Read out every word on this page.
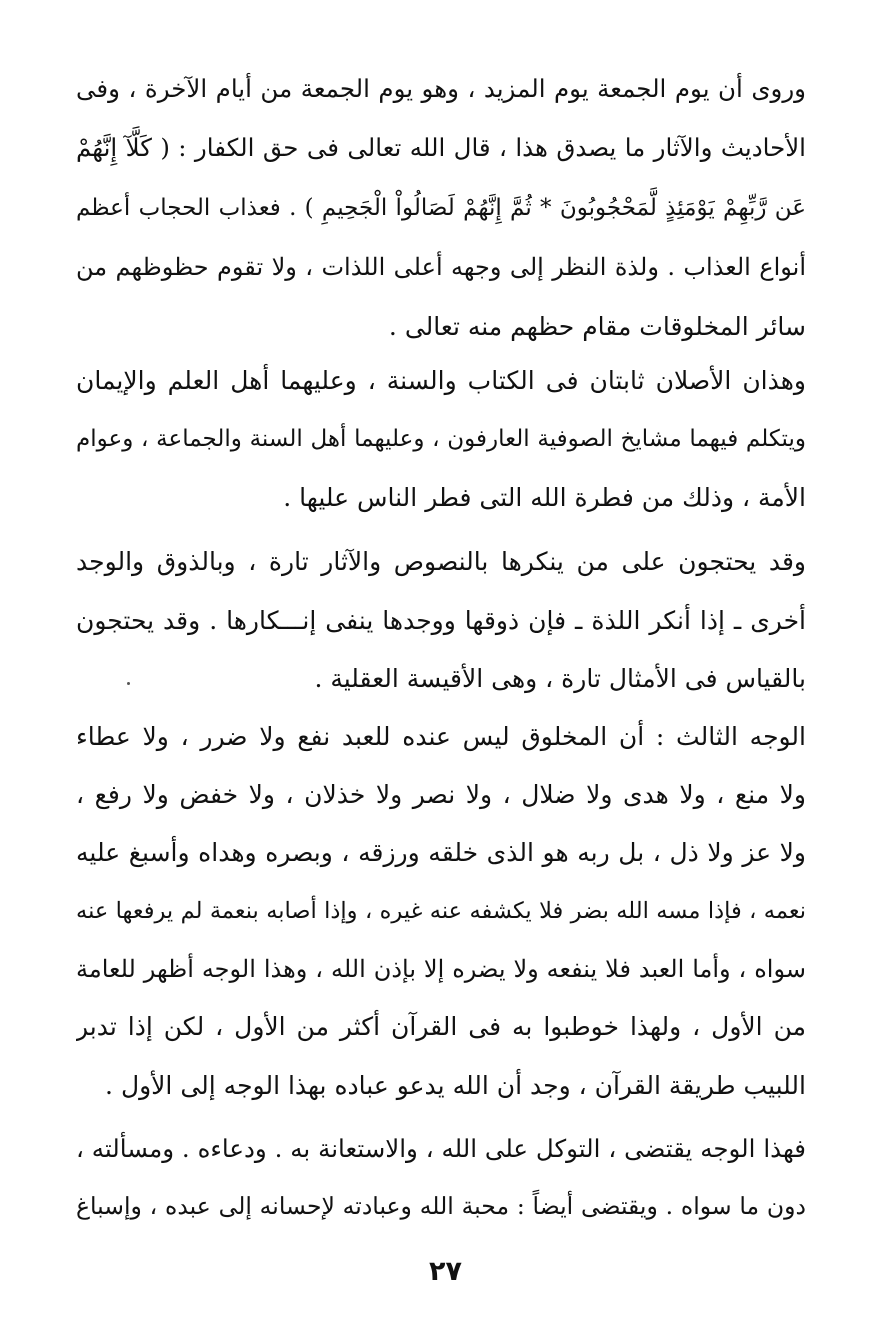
وروى أن يوم الجمعة يوم المزيد ، وهو يوم الجمعة من أيام الآخرة ، وفى
الأحاديث والآثار ما يصدق هذا ، قال الله تعالى فى حق الكفار : ( كَلَّآ إِنَّهُمْ
عَن رَّبِّهِمْ يَوْمَئِذٍ لَّمَحْجُوبُونَ * ثُمَّ إِنَّهُمْ لَصَالُواْ الْجَحِيمِ ) . فعذاب الحجاب أعظم
أنواع العذاب . ولذة النظر إلى وجهه أعلى اللذات ، ولا تقوم حظوظهم من
سائر المخلوقات مقام حظهم منه تعالى .
وهذان الأصلان ثابتان فى الكتاب والسنة ، وعليهما أهل العلم والإيمان
ويتكلم فيهما مشايخ الصوفية العارفون ، وعليهما أهل السنة والجماعة ، وعوام
الأمة ، وذلك من فطرة الله التى فطر الناس عليها .
وقد يحتجون على من ينكرها بالنصوص والآثار تارة ، وبالذوق والوجد
أخرى ـ إذا أنكر اللذة ـ فإن ذوقها ووجدها ينفى إنـــكارها . وقد يحتجون
بالقياس فى الأمثال تارة ، وهى الأقيسة العقلية .
الوجه الثالث : أن المخلوق ليس عنده للعبد نفع ولا ضرر ، ولا عطاء
ولا منع ، ولا هدى ولا ضلال ، ولا نصر ولا خذلان ، ولا خفض ولا رفع ،
ولا عز ولا ذل ، بل ربه هو الذى خلقه ورزقه ، وبصره وهداه وأسبغ عليه
نعمه ، فإذا مسه الله بضر فلا يكشفه عنه غيره ، وإذا أصابه بنعمة لم يرفعها عنه
سواه ، وأما العبد فلا ينفعه ولا يضره إلا بإذن الله ، وهذا الوجه أظهر للعامة
من الأول ، ولهذا خوطبوا به فى القرآن أكثر من الأول ، لكن إذا تدبر
اللبيب طريقة القرآن ، وجد أن الله يدعو عباده بهذا الوجه إلى الأول .
فهذا الوجه يقتضى ، التوكل على الله ، والاستعانة به . ودعاءه . ومسألته ،
دون ما سواه . ويقتضى أيضاً : محبة الله وعبادته لإحسانه إلى عبده ، وإسباغ
٢٧
